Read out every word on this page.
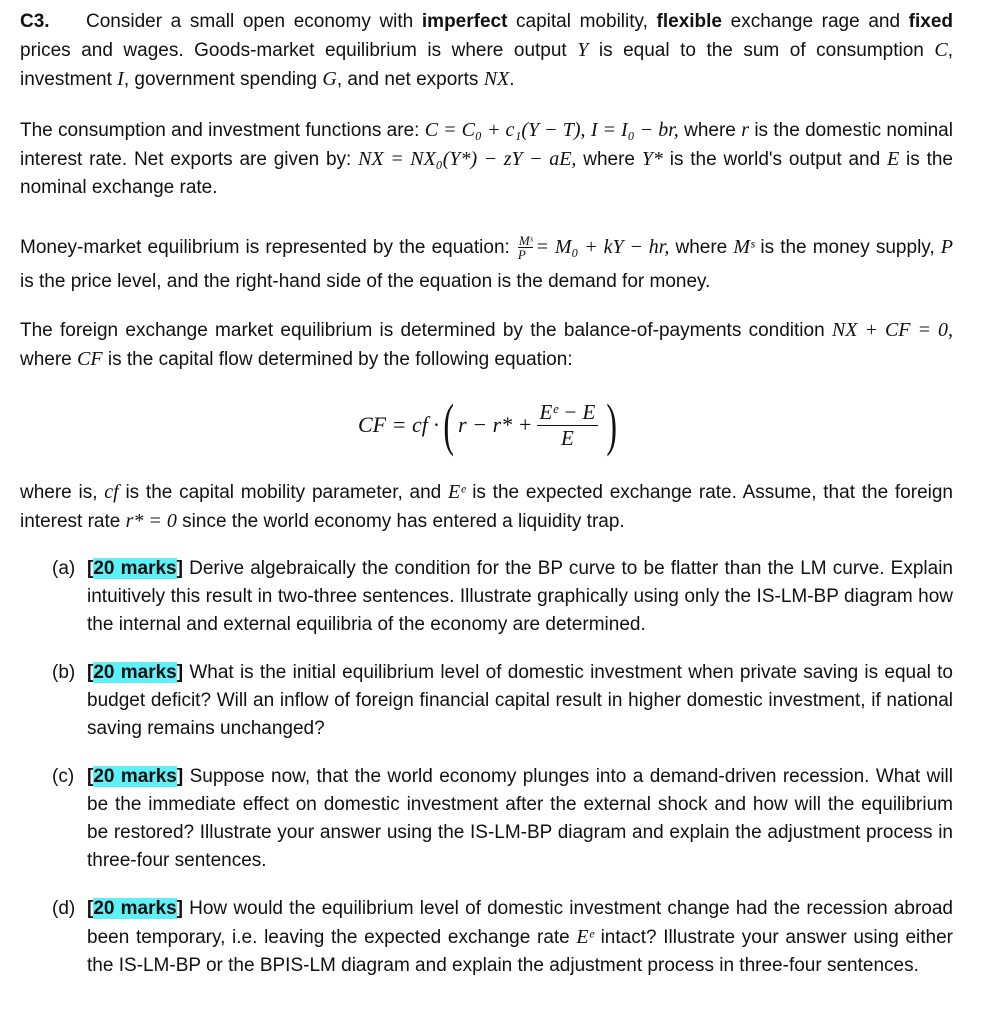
C3. Consider a small open economy with imperfect capital mobility, flexible exchange rage and fixed prices and wages. Goods-market equilibrium is where output Y is equal to the sum of consumption C, investment I, government spending G, and net exports NX.
The consumption and investment functions are: C = C₀ + c₁(Y − T), I = I₀ − br, where r is the domestic nominal interest rate. Net exports are given by: NX = NX₀(Y*) − zY − aE, where Y* is the world's output and E is the nominal exchange rate.
Money-market equilibrium is represented by the equation: $\frac{\text{Mˢ}}{P} = M_0$ + kY − hr, where Mˢ is the money supply, P is the price level, and the right-hand side of the equation is the demand for money.
The foreign exchange market equilibrium is determined by the balance-of-payments condition NX + CF = 0, where CF is the capital flow determined by the following equation:
CF = cf · ( $r - r* + \frac{\text{Eᵉ − E}}{E}$ )
where is, cf is the capital mobility parameter, and Eᵉ is the expected exchange rate. Assume, that the foreign interest rate r* = 0 since the world economy has entered a liquidity trap.
(a) [20 marks] Derive algebraically the condition for the BP curve to be flatter than the LM curve. Explain intuitively this result in two-three sentences. Illustrate graphically using only the IS-LM-BP diagram how the internal and external equilibria of the economy are determined.
(b) [20 marks] What is the initial equilibrium level of domestic investment when private saving is equal to budget deficit? Will an inflow of foreign financial capital result in higher domestic investment, if national saving remains unchanged?
(c) [20 marks] Suppose now, that the world economy plunges into a demand-driven recession. What will be the immediate effect on domestic investment after the external shock and how will the equilibrium be restored? Illustrate your answer using the IS-LM-BP diagram and explain the adjustment process in three-four sentences.
(d) [20 marks] How would the equilibrium level of domestic investment change had the recession abroad been temporary, i.e. leaving the expected exchange rate Eᵉ intact? Illustrate your answer using either the IS-LM-BP or the BPIS-LM diagram and explain the adjustment process in three-four sentences.
